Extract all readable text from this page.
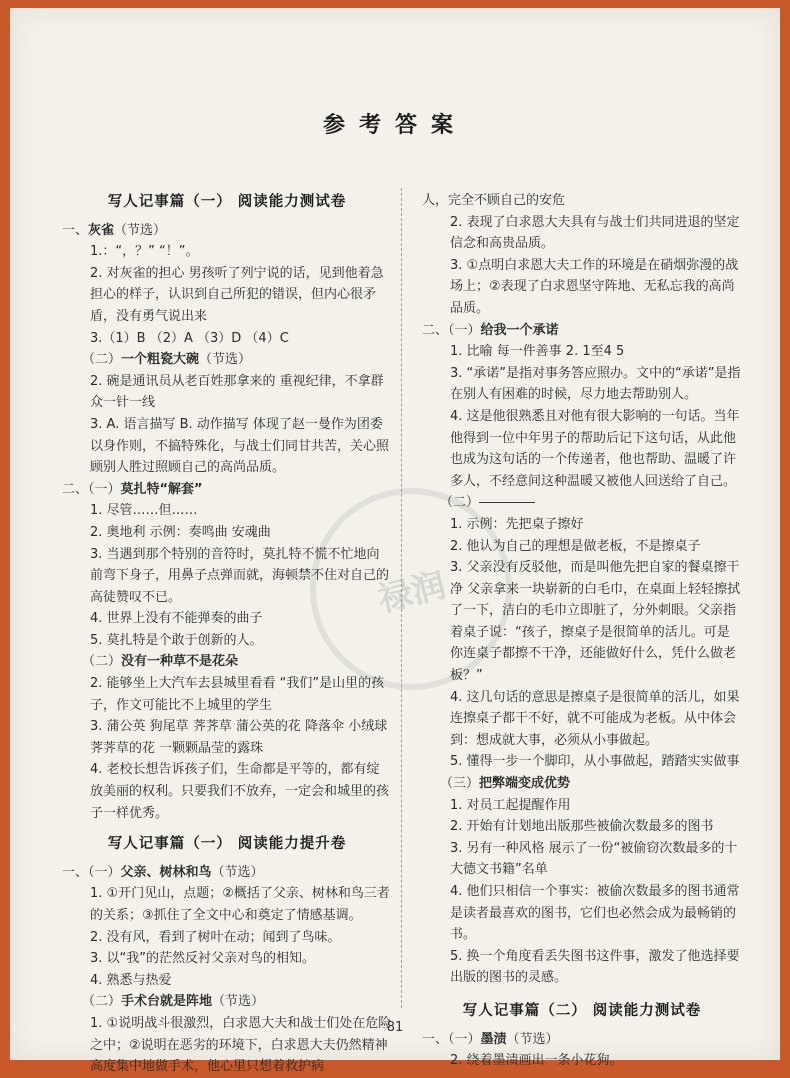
参考答案
禄润
写人记事篇（一） 阅读能力测试卷

一、灰雀（节选）

1.：“，？” “！”。

2. 对灰雀的担心 男孩听了列宁说的话，见到他着急担心的样子，认识到自己所犯的错误，但内心很矛盾，没有勇气说出来

3.（1）B （2）A （3）D （4）C

（二）一个粗瓷大碗（节选）

2. 碗是通讯员从老百姓那拿来的 重视纪律，不拿群众一针一线

3. A. 语言描写 B. 动作描写 体现了赵一曼作为团委以身作则，不搞特殊化，与战士们同甘共苦，关心照顾别人胜过照顾自己的高尚品质。

二、（一）莫扎特“解套”

1. 尽管……但……

2. 奥地利 示例：奏鸣曲 安魂曲

3. 当遇到那个特别的音符时，莫扎特不慌不忙地向前弯下身子，用鼻子点弹而就，海顿禁不住对自己的高徒赞叹不已。

4. 世界上没有不能弹奏的曲子

5. 莫扎特是个敢于创新的人。

（二）没有一种草不是花朵

2. 能够坐上大汽车去县城里看看 “我们”是山里的孩子，作文可能比不上城里的学生

3. 蒲公英 狗尾草 荠荠草 蒲公英的花 降落伞 小绒球 荠荠草的花 一颗颗晶莹的露珠

4. 老校长想告诉孩子们，生命都是平等的，都有绽放美丽的权利。只要我们不放弃，一定会和城里的孩子一样优秀。

写人记事篇（一） 阅读能力提升卷

一、（一）父亲、树林和鸟（节选）

1. ①开门见山，点题；②概括了父亲、树林和鸟三者的关系；③抓住了全文中心和奠定了情感基调。

2. 没有风，看到了树叶在动；闻到了鸟味。

3. 以“我”的茫然反衬父亲对鸟的相知。

4. 熟悉与热爱

（二）手术台就是阵地（节选）

1. ①说明战斗很激烈，白求恩大夫和战士们处在危险之中；②说明在恶劣的环境下，白求恩大夫仍然精神高度集中地做手术，他心里只想着救护病

人，完全不顾自己的安危

2. 表现了白求恩大夫具有与战士们共同进退的坚定信念和高贵品质。

3. ①点明白求恩大夫工作的环境是在硝烟弥漫的战场上；②表现了白求恩坚守阵地、无私忘我的高尚品质。

二、（一）给我一个承诺

1. 比喻 每一件善事 2. 1至4 5

3. “承诺”是指对事务答应照办。文中的“承诺”是指在别人有困难的时候，尽力地去帮助别人。

4. 这是他很熟悉且对他有很大影响的一句话。当年他得到一位中年男子的帮助后记下这句话，从此他也成为这句话的一个传递者，他也帮助、温暖了许多人，不经意间这种温暖又被他人回送给了自己。

（二）

1. 示例：先把桌子擦好

2. 他认为自己的理想是做老板，不是擦桌子

3. 父亲没有反驳他，而是叫他先把自家的餐桌擦干净 父亲拿来一块崭新的白毛巾，在桌面上轻轻擦拭了一下，洁白的毛巾立即脏了，分外刺眼。父亲指着桌子说：“孩子，擦桌子是很简单的活儿。可是你连桌子都擦不干净，还能做好什么，凭什么做老板？”

4. 这几句话的意思是擦桌子是很简单的活儿，如果连擦桌子都干不好，就不可能成为老板。从中体会到：想成就大事，必须从小事做起。

5. 懂得一步一个脚印，从小事做起，踏踏实实做事

（三）把弊端变成优势

1. 对员工起提醒作用

2. 开始有计划地出版那些被偷次数最多的图书

3. 另有一种风格 展示了一份“被偷窃次数最多的十大德文书籍”名单

4. 他们只相信一个事实：被偷次数最多的图书通常是读者最喜欢的图书，它们也必然会成为最畅销的书。

5. 换一个角度看丢失图书这件事，激发了他选择要出版的图书的灵感。

写人记事篇（二） 阅读能力测试卷

一、（一）墨渍（节选）

2. 绕着墨渍画出一条小花狗。

81
